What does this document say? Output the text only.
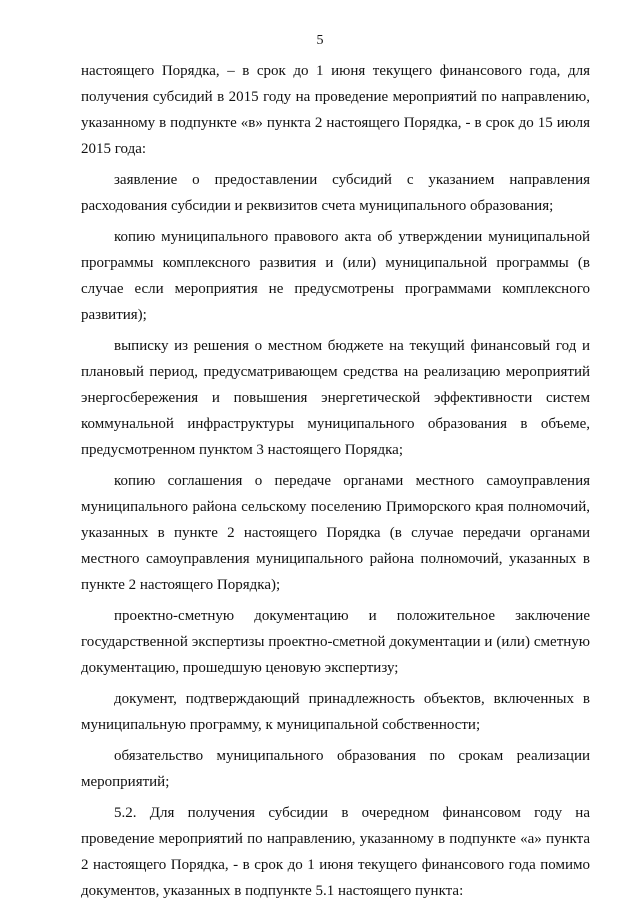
5

настоящего Порядка, – в срок до 1 июня текущего финансового года, для получения субсидий в 2015 году на проведение мероприятий по направлению, указанному в подпункте «в» пункта 2 настоящего Порядка, - в срок до 15 июля 2015 года:

заявление о предоставлении субсидий с указанием направления расходования субсидии и реквизитов счета муниципального образования;

копию муниципального правового акта об утверждении муниципальной программы комплексного развития и (или) муниципальной программы (в случае если мероприятия не предусмотрены программами комплексного развития);

выписку из решения о местном бюджете на текущий финансовый год и плановый период, предусматривающем средства на реализацию мероприятий энергосбережения и повышения энергетической эффективности систем коммунальной инфраструктуры муниципального образования в объеме, предусмотренном пунктом 3 настоящего Порядка;

копию соглашения о передаче органами местного самоуправления муниципального района сельскому поселению Приморского края полномочий, указанных в пункте 2 настоящего Порядка (в случае передачи органами местного самоуправления муниципального района полномочий, указанных в пункте 2 настоящего Порядка);

проектно-сметную документацию и положительное заключение государственной экспертизы проектно-сметной документации и (или) сметную документацию, прошедшую ценовую экспертизу;

документ, подтверждающий принадлежность объектов, включенных в муниципальную программу, к муниципальной собственности;

обязательство муниципального образования по срокам реализации мероприятий;

5.2. Для получения субсидии в очередном финансовом году на проведение мероприятий по направлению, указанному в подпункте «а» пункта 2 настоящего Порядка, - в срок до 1 июня текущего финансового года помимо документов, указанных в подпункте 5.1 настоящего пункта:
